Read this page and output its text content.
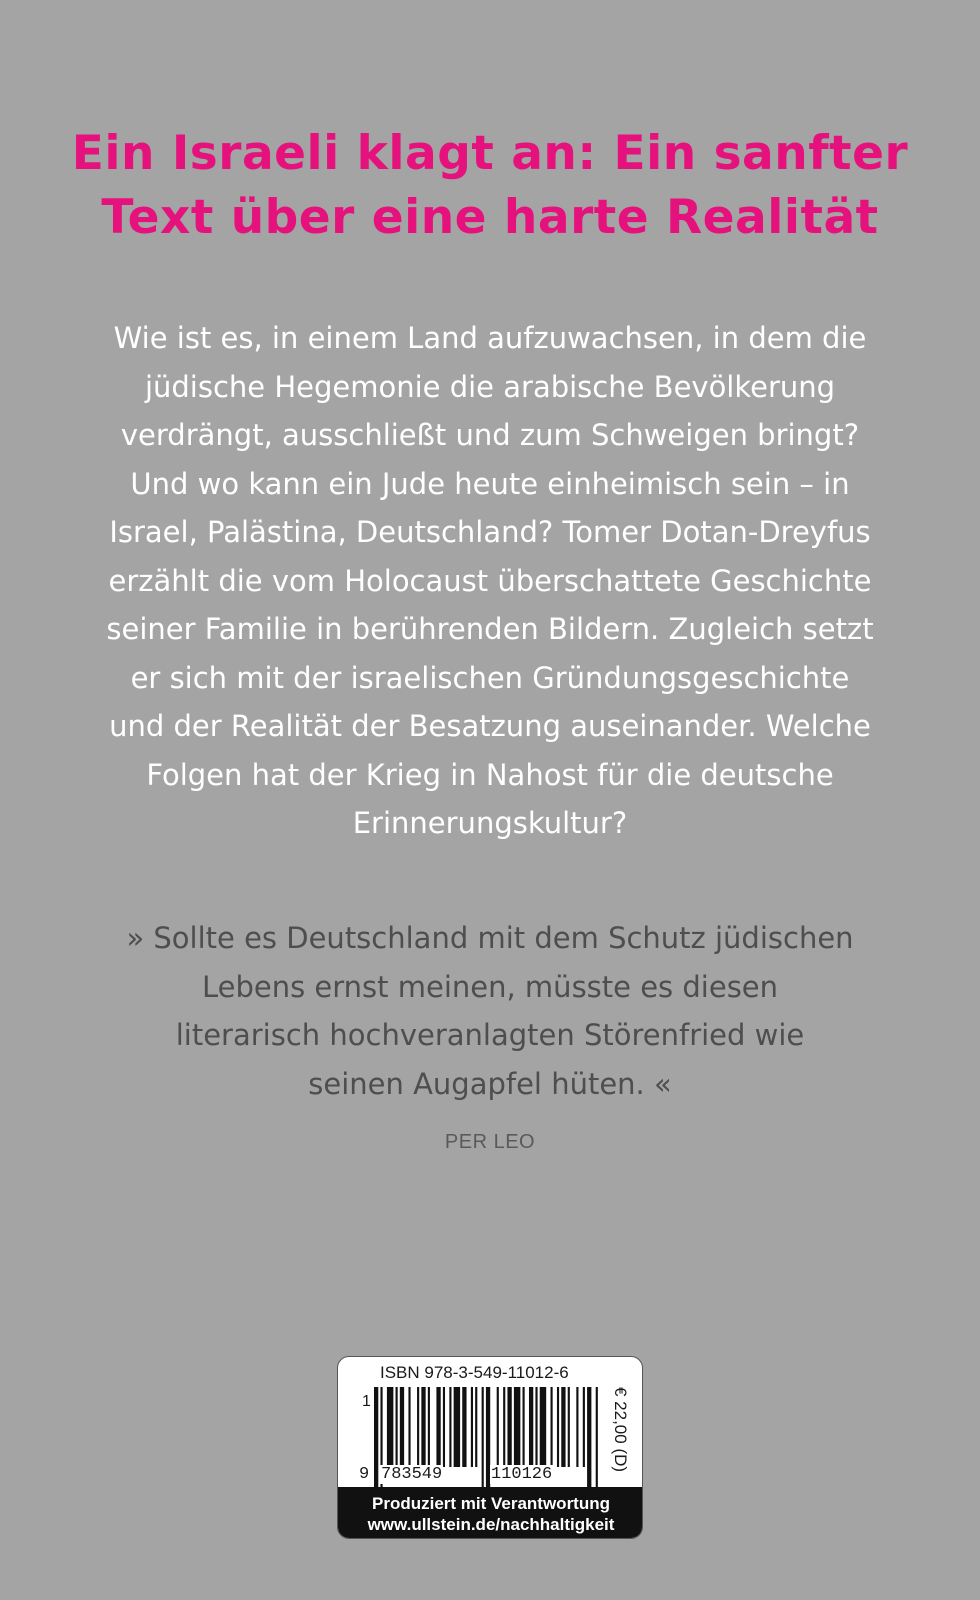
Ein Israeli klagt an: Ein sanfter
Text über eine harte Realität
Wie ist es, in einem Land aufzuwachsen, in dem die
jüdische Hegemonie die arabische Bevölkerung
verdrängt, ausschließt und zum Schweigen bringt?
Und wo kann ein Jude heute einheimisch sein – in
Israel, Palästina, Deutschland? Tomer Dotan-Dreyfus
erzählt die vom Holocaust überschattete Geschichte
seiner Familie in berührenden Bildern. Zugleich setzt
er sich mit der israelischen Gründungsgeschichte
und der Realität der Besatzung auseinander. Welche
Folgen hat der Krieg in Nahost für die deutsche
Erinnerungskultur?
» Sollte es Deutschland mit dem Schutz jüdischen
Lebens ernst meinen, müsste es diesen
literarisch hochveranlagten Störenfried wie
seinen Augapfel hüten. «
PER LEO
ISBN 978-3-549-11012-6
1
9 783549	110126
€ 22,00 (D)
Produziert mit Verantwortung
www.ullstein.de/nachhaltigkeit
